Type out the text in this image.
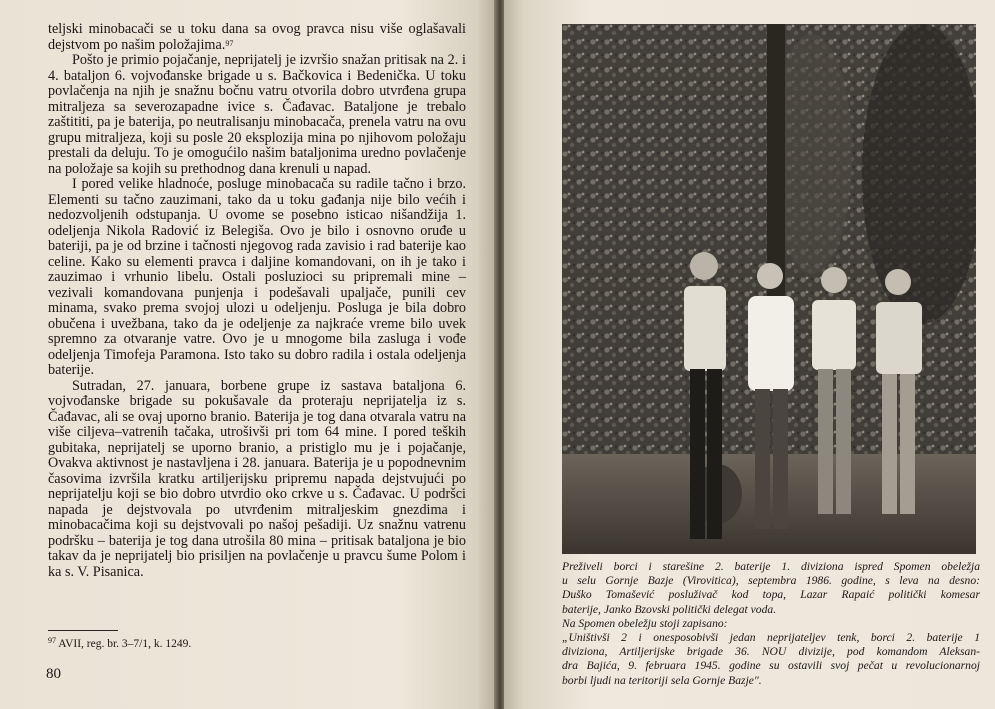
teljski minobacači se u toku dana sa ovog pravca nisu više oglašavali dejstvom po našim položajima.$^{97}$

Pošto je primio pojačanje, neprijatelj je izvršio snažan pritisak na 2. i 4. bataljon 6. vojvođanske brigade u s. Bačkovica i Bedenička. U toku povlačenja na njih je snažnu bočnu vatru otvorila dobro utvrđena grupa mitraljeza sa severozapadne ivice s. Čađavac. Bataljone je trebalo zaštititi, pa je baterija, po neutralisanju minobacača, prenela vatru na ovu grupu mitraljeza, koji su posle 20 eksplozija mina po njihovom položaju prestali da deluju. To je omogućilo našim bataljonima uredno povlačenje na položaje sa kojih su prethodnog dana krenuli u napad.

I pored velike hladnoće, posluge minobacača su radile tačno i brzo. Elementi su tačno zauzimani, tako da u toku gađanja nije bilo većih i nedozvoljenih odstupanja. U ovome se posebno isticao nišandžija 1. odeljenja Nikola Radović iz Belegiša. Ovo je bilo i osnovno oruđe u bateriji, pa je od brzine i tačnosti njegovog rada zavisio i rad baterije kao celine. Kako su elementi pravca i daljine komandovani, on ih je tako i zauzimao i vrhunio libelu. Ostali posluzioci su pripremali mine – vezivali komandovana punjenja i podešavali upaljače, punili cev minama, svako prema svojoj ulozi u odeljenju. Posluga je bila dobro obučena i uvežbana, tako da je odeljenje za najkraće vreme bilo uvek spremno za otvaranje vatre. Ovo je u mnogome bila zasluga i vođe odeljenja Timofeja Paramona. Isto tako su dobro radila i ostala odeljenja baterije.

Sutradan, 27. januara, borbene grupe iz sastava bataljona 6. vojvođanske brigade su pokušavale da proteraju neprijatelja iz s. Čađavac, ali se ovaj uporno branio. Baterija je tog dana otvarala vatru na više ciljeva–vatrenih tačaka, utrošivši pri tom 64 mine. I pored teških gubitaka, neprijatelj se uporno branio, a pristiglo mu je i pojačanje, Ovakva aktivnost je nastavljena i 28. januara. Baterija je u popodnevnim časovima izvršila kratku artiljerijsku pripremu napada dejstvujući po neprijatelju koji se bio dobro utvrdio oko crkve u s. Čađavac. U podršci napada je dejstvovala po utvrđenim mitraljeskim gnezdima i minobacačima koji su dejstvovali po našoj pešadiji. Uz snažnu vatrenu podršku – baterija je tog dana utrošila 80 mina – pritisak bataljona je bio takav da je neprijatelj bio prisiljen na povlačenje u pravcu šume Polom i ka s. V. Pisanica.

$^{97}$ AVII, reg. br. 3–7/1, k. 1249.
80
Preživeli borci i starešine 2. baterije 1. diviziona ispred Spomen obeležja
u selu Gornje Bazje (Virovitica), septembra 1986. godine, s leva na desno:
Duško Tomašević posluživač kod topa, Lazar Rapaić politički komesar
baterije, Janko Bzovski politički delegat voda.
Na Spomen obeležju stoji zapisano:
„Uništivši 2 i onesposobivši jedan neprijateljev tenk, borci 2. baterije 1
diviziona, Artiljerijske brigade 36. NOU divizije, pod komandom Aleksan-
dra Bajića, 9. februara 1945. godine su ostavili svoj pečat u revolucionarnoj
borbi ljudi na teritoriji sela Gornje Bazje".
